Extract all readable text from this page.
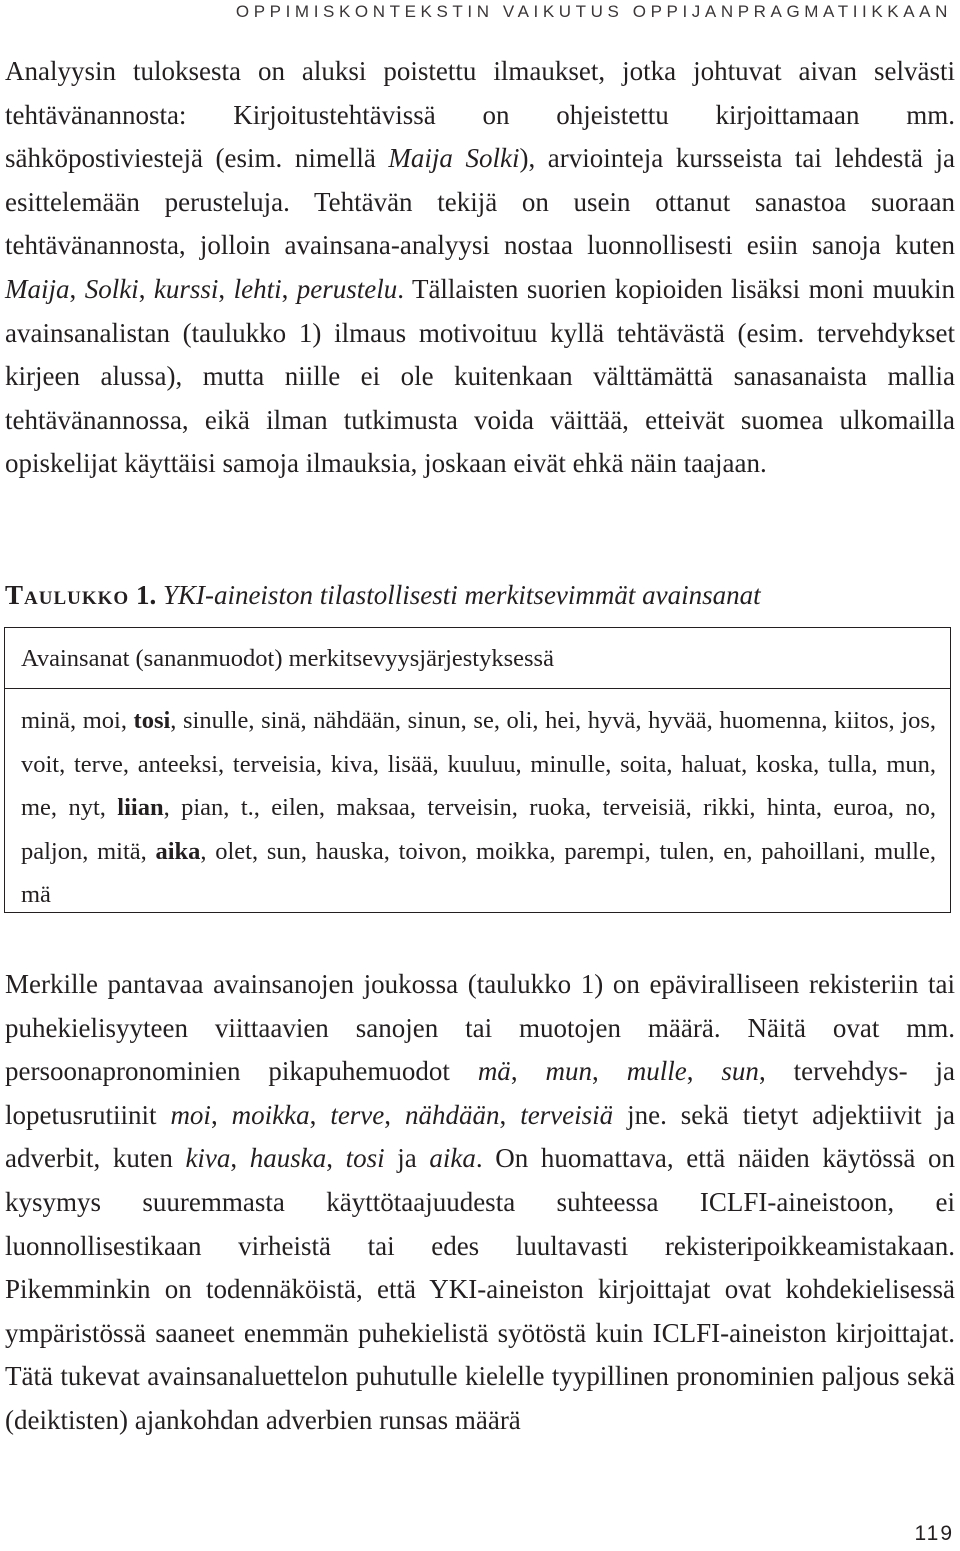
OPPIMISKONTEKSTIN VAIKUTUS OPPIJANPRAGMATIIKKAAN

Analyysin tuloksesta on aluksi poistettu ilmaukset, jotka johtuvat aivan selvästi tehtävänannosta: Kirjoitustehtävissä on ohjeistettu kirjoittamaan mm. sähköpostiviestejä (esim. nimellä Maija Solki), arviointeja kursseista tai lehdestä ja esittelemään perusteluja. Tehtävän tekijä on usein ottanut sanastoa suoraan tehtävänannosta, jolloin avainsana-analyysi nostaa luonnollisesti esiin sanoja kuten Maija, Solki, kurssi, lehti, perustelu. Tällaisten suorien kopioiden lisäksi moni muukin avainsanalistan (taulukko 1) ilmaus motivoituu kyllä tehtävästä (esim. tervehdykset kirjeen alussa), mutta niille ei ole kuitenkaan välttämättä sanasanaista mallia tehtävänannossa, eikä ilman tutkimusta voida väittää, etteivät suomea ulkomailla opiskelijat käyttäisi samoja ilmauksia, joskaan eivät ehkä näin taajaan.

Taulukko 1. YKI-aineiston tilastollisesti merkitsevimmät avainsanat
Avainsanat (sananmuodot) merkitsevyysjärjestyksessä
minä, moi, tosi, sinulle, sinä, nähdään, sinun, se, oli, hei, hyvä, hyvää, huomenna, kiitos, jos, voit, terve, anteeksi, terveisia, kiva, lisää, kuuluu, minulle, soita, haluat, koska, tulla, mun, me, nyt, liian, pian, t., eilen, maksaa, terveisin, ruoka, terveisiä, rikki, hinta, euroa, no, paljon, mitä, aika, olet, sun, hauska, toivon, moikka, parempi, tulen, en, pahoillani, mulle, mä

Merkille pantavaa avainsanojen joukossa (taulukko 1) on epäviralliseen rekisteriin tai puhekielisyyteen viittaavien sanojen tai muotojen määrä. Näitä ovat mm. persoonapronominien pikapuhemuodot mä, mun, mulle, sun, tervehdys- ja lopetusrutiinit moi, moikka, terve, nähdään, terveisiä jne. sekä tietyt adjektiivit ja adverbit, kuten kiva, hauska, tosi ja aika. On huomattava, että näiden käytössä on kysymys suuremmasta käyttötaajuudesta suhteessa ICLFI-aineistoon, ei luonnollisestikaan virheistä tai edes luultavasti rekisteripoikkeamistakaan. Pikemminkin on todennäköistä, että YKI-aineiston kirjoittajat ovat kohdekielisessä ympäristössä saaneet enemmän puhekielistä syötöstä kuin ICLFI-aineiston kirjoittajat. Tätä tukevat avainsanaluettelon puhutulle kielelle tyypillinen pronominien paljous sekä (deiktisten) ajankohdan adverbien runsas määrä

119
